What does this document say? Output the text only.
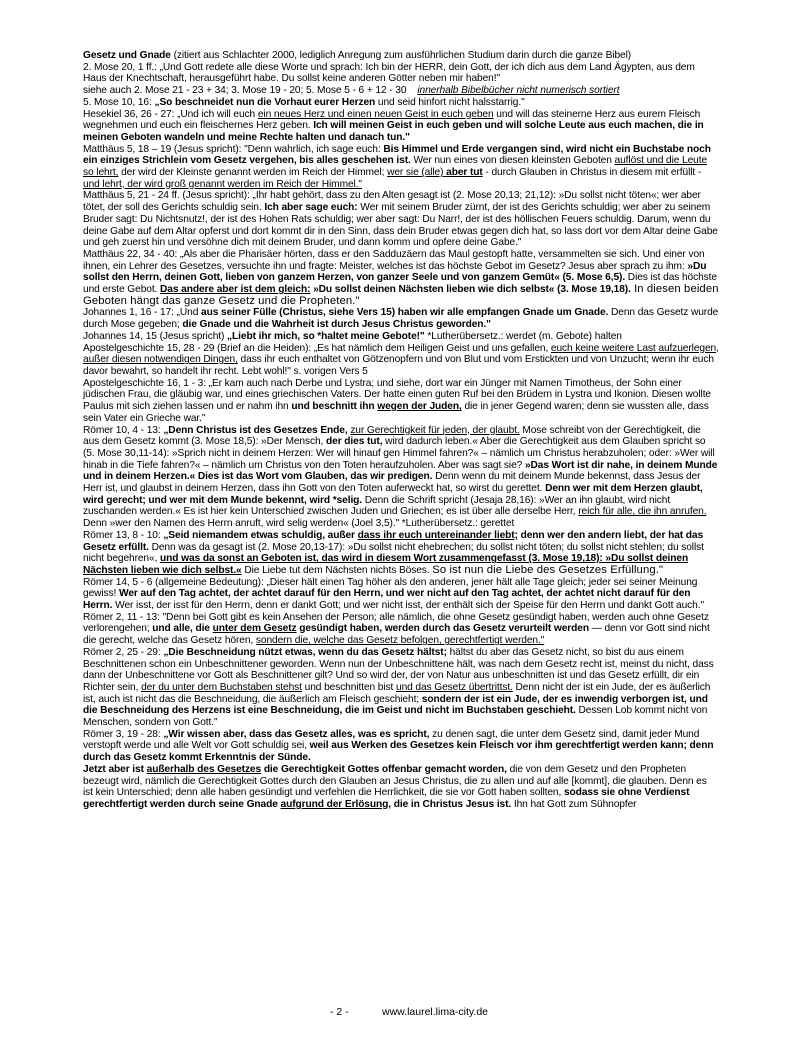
Gesetz und Gnade (zitiert aus Schlachter 2000, lediglich Anregung zum ausführlichen Studium darin durch die ganze Bibel)

2. Mose 20, 1 ff.: „Und Gott redete alle diese Worte und sprach: Ich bin der HERR, dein Gott, der ich dich aus dem Land Ägypten, aus dem Haus der Knechtschaft, herausgeführt habe. Du sollst keine anderen Götter neben mir haben!"

siehe auch 2. Mose 21 - 23 + 34; 3. Mose 19 - 20; 5. Mose 5 - 6 + 12 - 30    innerhalb Bibelbücher nicht numerisch sortiert

5. Mose 10, 16: „So beschneidet nun die Vorhaut eurer Herzen und seid hinfort nicht halsstarrig."

Hesekiel 36, 26 - 27: „Und ich will euch ein neues Herz und einen neuen Geist in euch geben und will das steinerne Herz aus eurem Fleisch wegnehmen und euch ein fleischernes Herz geben. Ich will meinen Geist in euch geben und will solche Leute aus euch machen, die in meinen Geboten wandeln und meine Rechte halten und danach tun."

Matthäus 5, 18 – 19 (Jesus spricht): "Denn wahrlich, ich sage euch: Bis Himmel und Erde vergangen sind, wird nicht ein Buchstabe noch ein einziges Strichlein vom Gesetz vergehen, bis alles geschehen ist. Wer nun eines von diesen kleinsten Geboten auflöst und die Leute so lehrt, der wird der Kleinste genannt werden im Reich der Himmel; wer sie (alle) aber tut - durch Glauben in Christus in diesem mit erfüllt - und lehrt, der wird groß genannt werden im Reich der Himmel."

Matthäus 5, 21 - 24 ff. (Jesus spricht): „Ihr habt gehört, dass zu den Alten gesagt ist (2. Mose 20,13; 21,12): »Du sollst nicht töten«; wer aber tötet, der soll des Gerichts schuldig sein. Ich aber sage euch: Wer mit seinem Bruder zürnt, der ist des Gerichts schuldig; wer aber zu seinem Bruder sagt: Du Nichtsnutz!, der ist des Hohen Rats schuldig; wer aber sagt: Du Narr!, der ist des höllischen Feuers schuldig. Darum, wenn du deine Gabe auf dem Altar opferst und dort kommt dir in den Sinn, dass dein Bruder etwas gegen dich hat, so lass dort vor dem Altar deine Gabe und geh zuerst hin und versöhne dich mit deinem Bruder, und dann komm und opfere deine Gabe."

Matthäus 22, 34 - 40: „Als aber die Pharisäer hörten, dass er den Sadduzäern das Maul gestopft hatte, versammelten sie sich. Und einer von ihnen, ein Lehrer des Gesetzes, versuchte ihn und fragte: Meister, welches ist das höchste Gebot im Gesetz? Jesus aber sprach zu ihm: »Du sollst den Herrn, deinen Gott, lieben von ganzem Herzen, von ganzer Seele und von ganzem Gemüt« (5. Mose 6,5). Dies ist das höchste und erste Gebot. Das andere aber ist dem gleich: »Du sollst deinen Nächsten lieben wie dich selbst« (3. Mose 19,18). In diesen beiden Geboten hängt das ganze Gesetz und die Propheten."

Johannes 1, 16 - 17: „Und aus seiner Fülle (Christus, siehe Vers 15) haben wir alle empfangen Gnade um Gnade. Denn das Gesetz wurde durch Mose gegeben; die Gnade und die Wahrheit ist durch Jesus Christus geworden."

Johannes 14, 15 (Jesus spricht) „Liebt ihr mich, so *haltet meine Gebote!" *Lutherübersetz.: werdet (m. Gebote) halten

Apostelgeschichte 15, 28 - 29 (Brief an die Heiden): „Es hat nämlich dem Heiligen Geist und uns gefallen, euch keine weitere Last aufzuerlegen, außer diesen notwendigen Dingen, dass ihr euch enthaltet von Götzenopfern und von Blut und vom Erstickten und von Unzucht; wenn ihr euch davor bewahrt, so handelt ihr recht. Lebt wohl!" s. vorigen Vers 5

Apostelgeschichte 16, 1 - 3: „Er kam auch nach Derbe und Lystra; und siehe, dort war ein Jünger mit Namen Timotheus, der Sohn einer jüdischen Frau, die gläubig war, und eines griechischen Vaters. Der hatte einen guten Ruf bei den Brüdern in Lystra und Ikonion. Diesen wollte Paulus mit sich ziehen lassen und er nahm ihn und beschnitt ihn wegen der Juden, die in jener Gegend waren; denn sie wussten alle, dass sein Vater ein Grieche war."

Römer 10, 4 - 13: „Denn Christus ist des Gesetzes Ende, zur Gerechtigkeit für jeden, der glaubt. Mose schreibt von der Gerechtigkeit, die aus dem Gesetz kommt (3. Mose 18,5): »Der Mensch, der dies tut, wird dadurch leben.« Aber die Gerechtigkeit aus dem Glauben spricht so (5. Mose 30,11-14): »Sprich nicht in deinem Herzen: Wer will hinauf gen Himmel fahren?« – nämlich um Christus herabzuholen; oder: »Wer will hinab in die Tiefe fahren?« – nämlich um Christus von den Toten heraufzuholen. Aber was sagt sie? »Das Wort ist dir nahe, in deinem Munde und in deinem Herzen.« Dies ist das Wort vom Glauben, das wir predigen. Denn wenn du mit deinem Munde bekennst, dass Jesus der Herr ist, und glaubst in deinem Herzen, dass ihn Gott von den Toten auferweckt hat, so wirst du gerettet. Denn wer mit dem Herzen glaubt, wird gerecht; und wer mit dem Munde bekennt, wird *selig. Denn die Schrift spricht (Jesaja 28,16): »Wer an ihn glaubt, wird nicht zuschanden werden.« Es ist hier kein Unterschied zwischen Juden und Griechen; es ist über alle derselbe Herr, reich für alle, die ihn anrufen. Denn »wer den Namen des Herrn anruft, wird selig werden« (Joel 3,5)." *Lutherübersetz.: gerettet

Römer 13, 8 - 10: „Seid niemandem etwas schuldig, außer dass ihr euch untereinander liebt; denn wer den andern liebt, der hat das Gesetz erfüllt. Denn was da gesagt ist (2. Mose 20,13-17): »Du sollst nicht ehebrechen; du sollst nicht töten; du sollst nicht stehlen; du sollst nicht begehren«, und was da sonst an Geboten ist, das wird in diesem Wort zusammengefasst (3. Mose 19,18): »Du sollst deinen Nächsten lieben wie dich selbst.« Die Liebe tut dem Nächsten nichts Böses. So ist nun die Liebe des Gesetzes Erfüllung."

Römer 14, 5 - 6 (allgemeine Bedeutung): „Dieser hält einen Tag höher als den anderen, jener hält alle Tage gleich; jeder sei seiner Meinung gewiss! Wer auf den Tag achtet, der achtet darauf für den Herrn, und wer nicht auf den Tag achtet, der achtet nicht darauf für den Herrn. Wer isst, der isst für den Herrn, denn er dankt Gott; und wer nicht isst, der enthält sich der Speise für den Herrn und dankt Gott auch."

Römer 2, 11 - 13: "Denn bei Gott gibt es kein Ansehen der Person; alle nämlich, die ohne Gesetz gesündigt haben, werden auch ohne Gesetz verlorengehen; und alle, die unter dem Gesetz gesündigt haben, werden durch das Gesetz verurteilt werden — denn vor Gott sind nicht die gerecht, welche das Gesetz hören, sondern die, welche das Gesetz befolgen, gerechtfertigt werden."

Römer 2, 25 - 29: „Die Beschneidung nützt etwas, wenn du das Gesetz hältst; hältst du aber das Gesetz nicht, so bist du aus einem Beschnittenen schon ein Unbeschnittener geworden. Wenn nun der Unbeschnittene hält, was nach dem Gesetz recht ist, meinst du nicht, dass dann der Unbeschnittene vor Gott als Beschnittener gilt? Und so wird der, der von Natur aus unbeschnitten ist und das Gesetz erfüllt, dir ein Richter sein, der du unter dem Buchstaben stehst und beschnitten bist und das Gesetz übertrittst. Denn nicht der ist ein Jude, der es äußerlich ist, auch ist nicht das die Beschneidung, die äußerlich am Fleisch geschieht; sondern der ist ein Jude, der es inwendig verborgen ist, und die Beschneidung des Herzens ist eine Beschneidung, die im Geist und nicht im Buchstaben geschieht. Dessen Lob kommt nicht von Menschen, sondern von Gott."

Römer 3, 19 - 28: „Wir wissen aber, dass das Gesetz alles, was es spricht, zu denen sagt, die unter dem Gesetz sind, damit jeder Mund verstopft werde und alle Welt vor Gott schuldig sei, weil aus Werken des Gesetzes kein Fleisch vor ihm gerechtfertigt werden kann; denn durch das Gesetz kommt Erkenntnis der Sünde.

Jetzt aber ist außerhalb des Gesetzes die Gerechtigkeit Gottes offenbar gemacht worden, die von dem Gesetz und den Propheten bezeugt wird, nämlich die Gerechtigkeit Gottes durch den Glauben an Jesus Christus, die zu allen und auf alle [kommt], die glauben. Denn es ist kein Unterschied; denn alle haben gesündigt und verfehlen die Herrlichkeit, die sie vor Gott haben sollten, sodass sie ohne Verdienst gerechtfertigt werden durch seine Gnade aufgrund der Erlösung, die in Christus Jesus ist. Ihn hat Gott zum Sühnopfer

- 2 -	www.laurel.lima-city.de
